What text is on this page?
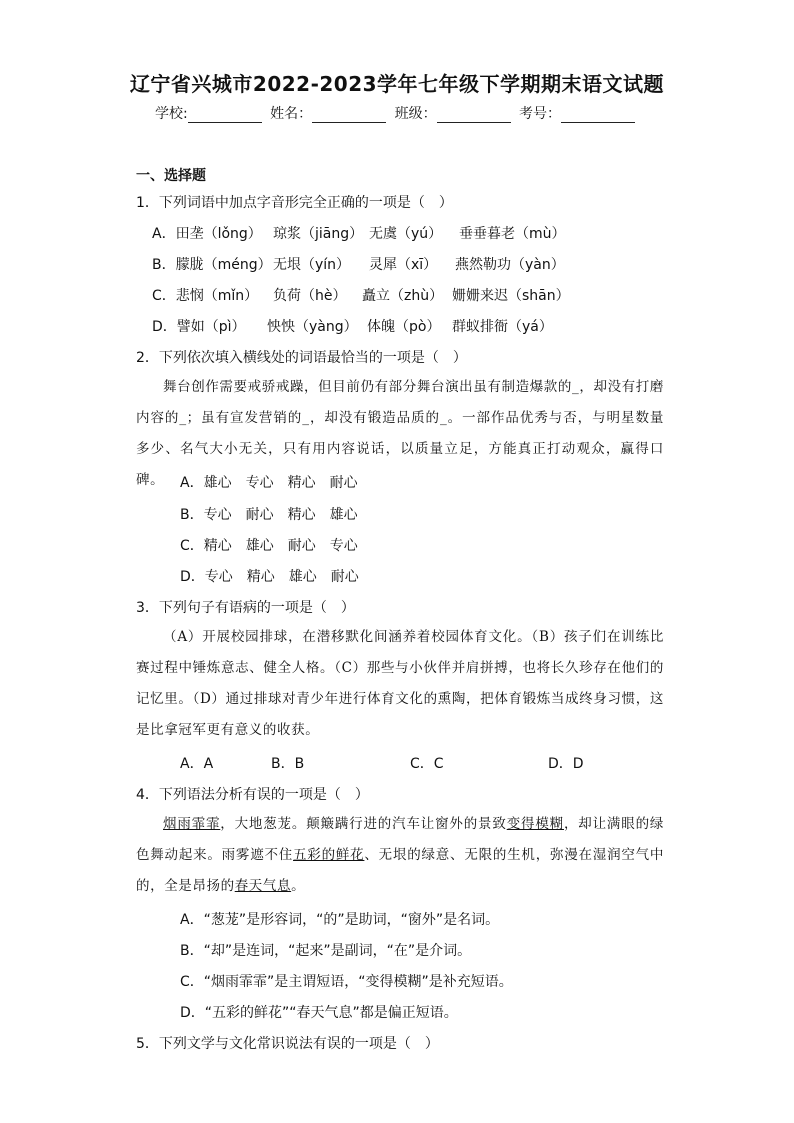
辽宁省兴城市2022-2023学年七年级下学期期末语文试题
学校:	姓名：	班级：	考号：
一、选择题
1．下列词语中加点字音形完全正确的一项是（　）
A．田垄（lǒng） 琼浆（jiāng） 无虞（yú） 垂垂暮老（mù）
B．朦胧（méng） 无垠（yín） 灵犀（xī） 燕然勒功（yàn）
C．悲悯（mǐn） 负荷（hè） 矗立（zhù） 姗姗来迟（shān）
D．譬如（pì） 怏怏（yàng） 体魄（pò） 群蚁排衙（yá）
2．下列依次填入横线处的词语最恰当的一项是（　）
舞台创作需要戒骄戒躁，但目前仍有部分舞台演出虽有制造爆款的_，却没有打磨内容的_；虽有宣发营销的_，却没有锻造品质的_。一部作品优秀与否，与明星数量多少、名气大小无关，只有用内容说话，以质量立足，方能真正打动观众，赢得口碑。	A．雄心　专心　精心　耐心
B．专心　耐心　精心　雄心
C．精心　雄心　耐心　专心
D．专心　精心　雄心　耐心
3．下列句子有语病的一项是（　）
（A）开展校园排球，在潜移默化间涵养着校园体育文化。（B）孩子们在训练比赛过程中锤炼意志、健全人格。（C）那些与小伙伴并肩拼搏，也将长久珍存在他们的记忆里。（D）通过排球对青少年进行体育文化的熏陶，把体育锻炼当成终身习惯，这是比拿冠军更有意义的收获。
A．A	B．B	C．C	D．D
4．下列语法分析有误的一项是（　）
烟雨霏霏，大地葱茏。颠簸蹒行进的汽车让窗外的景致变得模糊，却让满眼的绿色舞动起来。雨雾遮不住五彩的鲜花、无垠的绿意、无限的生机，弥漫在湿润空气中的，全是昂扬的春天气息。
A．“葱茏”是形容词，“的”是助词，“窗外”是名词。
B．“却”是连词，“起来”是副词，“在”是介词。
C．“烟雨霏霏”是主谓短语，“变得模糊”是补充短语。
D．“五彩的鲜花”“春天气息”都是偏正短语。
5．下列文学与文化常识说法有误的一项是（　）
